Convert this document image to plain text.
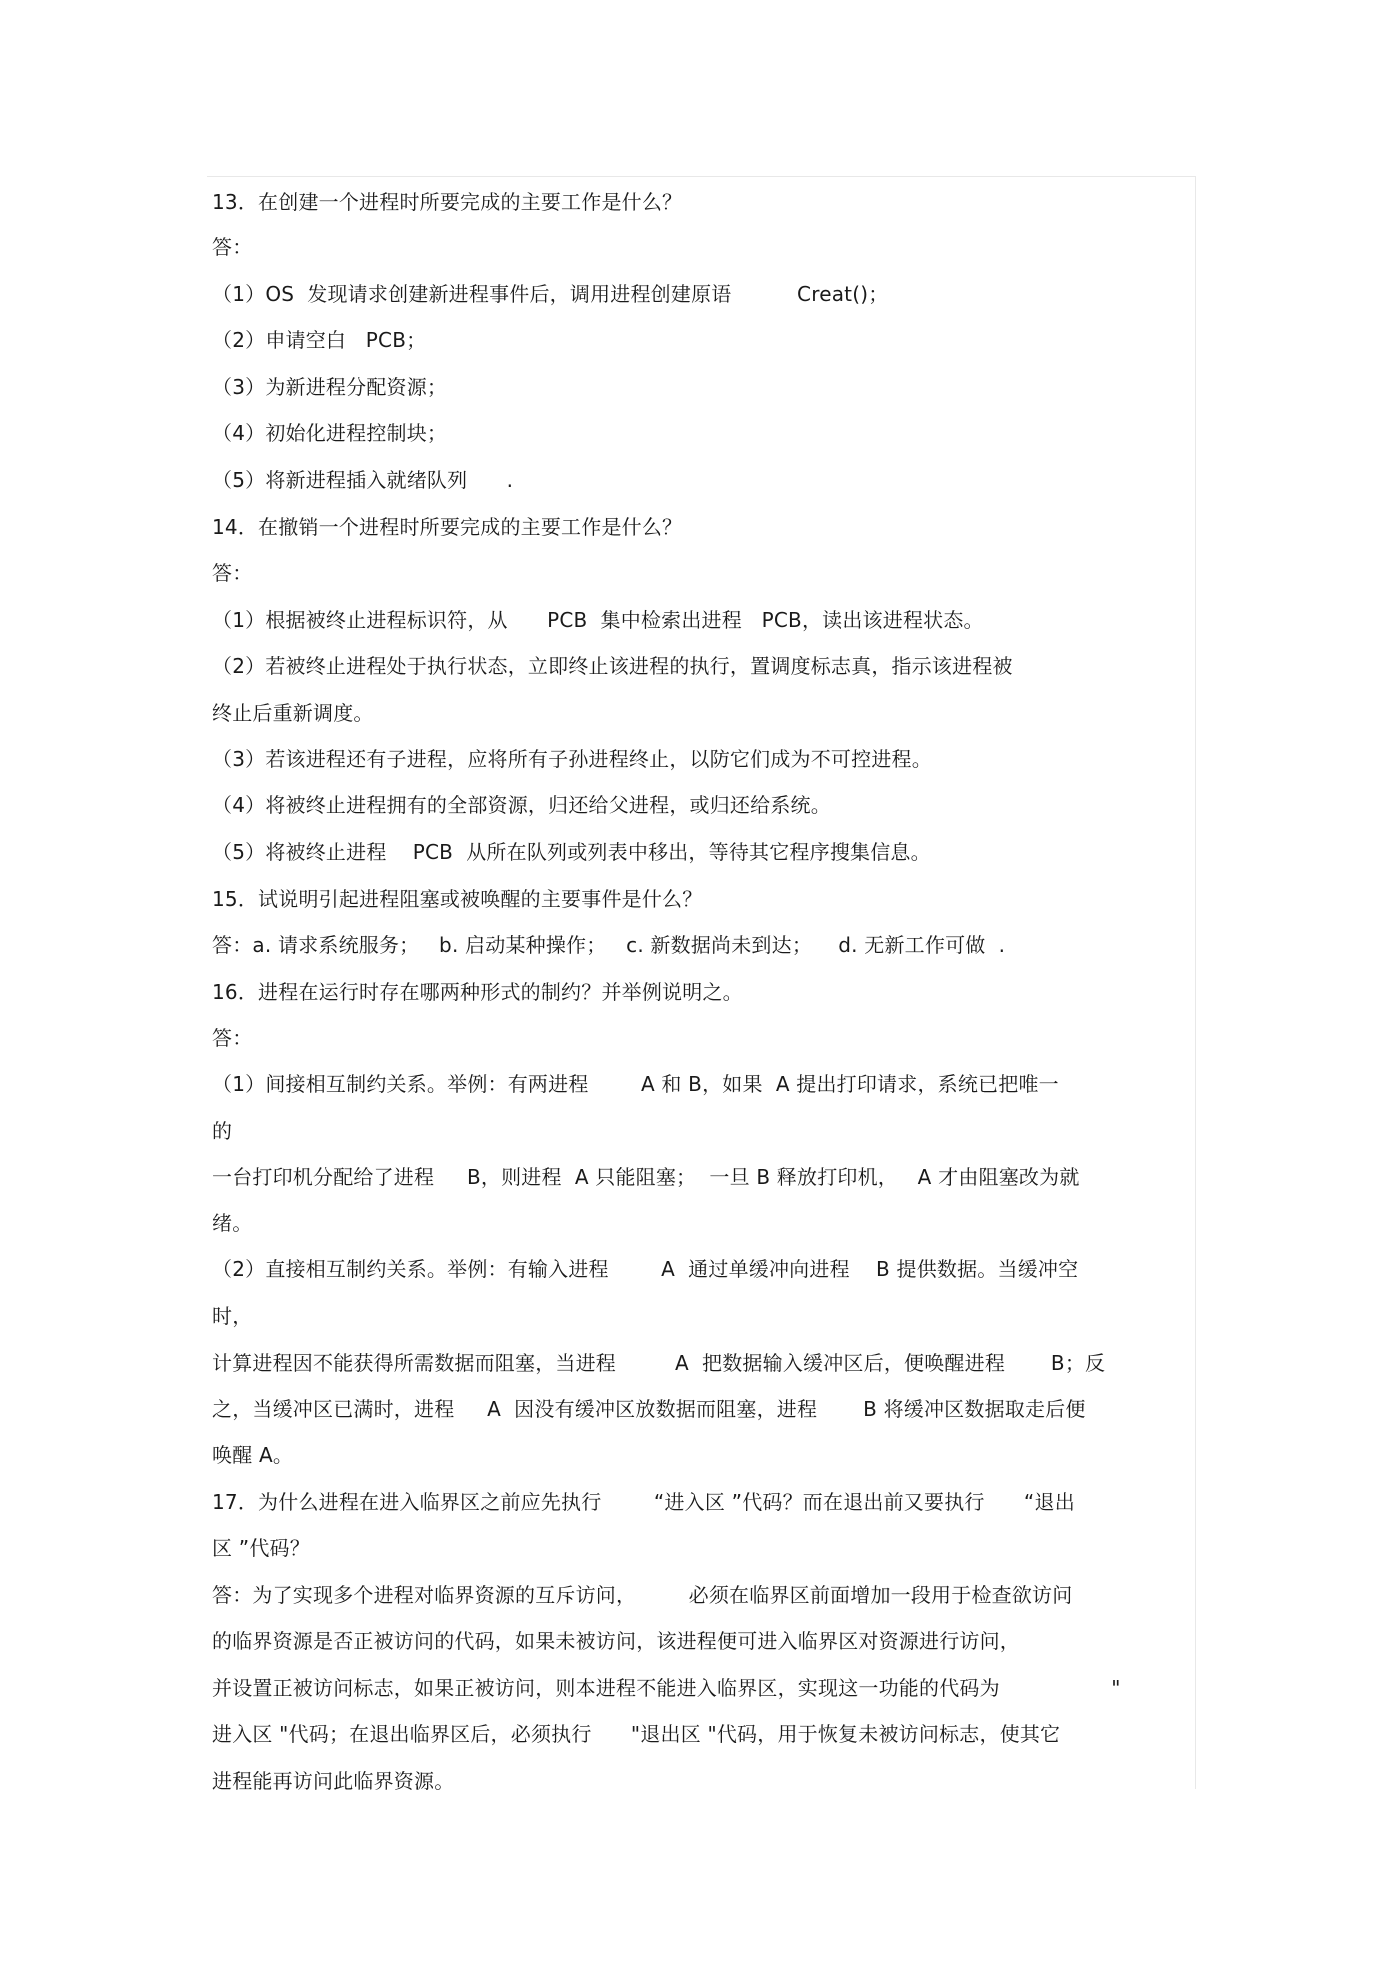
13．在创建一个进程时所要完成的主要工作是什么？
答：
（1）OS  发现请求创建新进程事件后，调用进程创建原语          Creat()；
（2）申请空白   PCB；
（3）为新进程分配资源；
（4）初始化进程控制块；
（5）将新进程插入就绪队列      .
14．在撤销一个进程时所要完成的主要工作是什么？
答：
（1）根据被终止进程标识符，从      PCB  集中检索出进程   PCB，读出该进程状态。
（2）若被终止进程处于执行状态，立即终止该进程的执行，置调度标志真，指示该进程被
终止后重新调度。
（3）若该进程还有子进程，应将所有子孙进程终止，以防它们成为不可控进程。
（4）将被终止进程拥有的全部资源，归还给父进程，或归还给系统。
（5）将被终止进程    PCB  从所在队列或列表中移出，等待其它程序搜集信息。
15．试说明引起进程阻塞或被唤醒的主要事件是什么？
答：a. 请求系统服务；   b. 启动某种操作；   c. 新数据尚未到达；    d. 无新工作可做  .
16．进程在运行时存在哪两种形式的制约？并举例说明之。
答：
（1）间接相互制约关系。举例：有两进程        A 和 B，如果  A 提出打印请求，系统已把唯一
的
一台打印机分配给了进程     B，则进程  A 只能阻塞；  一旦 B 释放打印机，   A 才由阻塞改为就
绪。
（2）直接相互制约关系。举例：有输入进程        A  通过单缓冲向进程    B 提供数据。当缓冲空
时，
计算进程因不能获得所需数据而阻塞，当进程         A  把数据输入缓冲区后，便唤醒进程       B；反
之，当缓冲区已满时，进程     A  因没有缓冲区放数据而阻塞，进程       B 将缓冲区数据取走后便
唤醒 A。
17．为什么进程在进入临界区之前应先执行        “进入区 ”代码？而在退出前又要执行      “退出
区 ”代码？
答：为了实现多个进程对临界资源的互斥访问，        必须在临界区前面增加一段用于检查欲访问
的临界资源是否正被访问的代码，如果未被访问，该进程便可进入临界区对资源进行访问，
并设置正被访问标志，如果正被访问，则本进程不能进入临界区，实现这一功能的代码为                 "
进入区 "代码；在退出临界区后，必须执行      "退出区 "代码，用于恢复未被访问标志，使其它
进程能再访问此临界资源。
